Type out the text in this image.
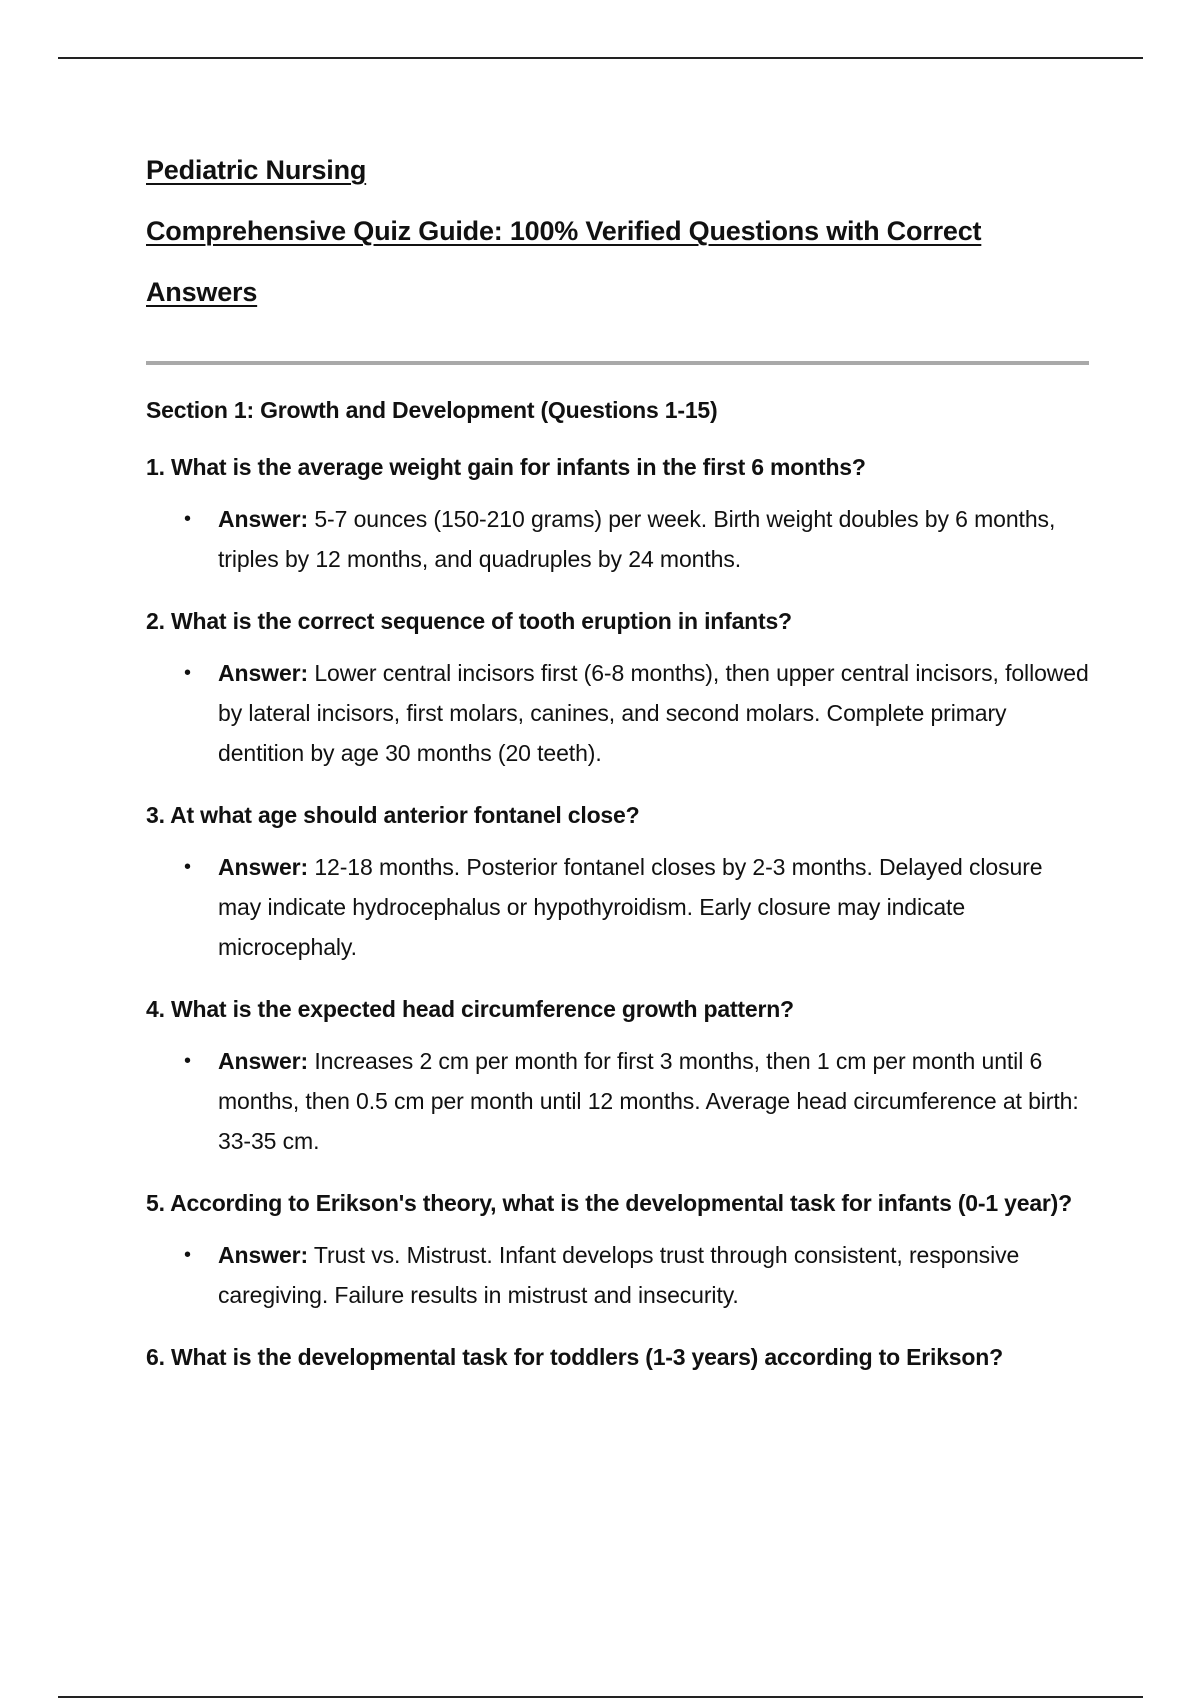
Pediatric Nursing

Comprehensive Quiz Guide: 100% Verified Questions with Correct

Answers

Section 1: Growth and Development (Questions 1-15)

1. What is the average weight gain for infants in the first 6 months?

• Answer: 5-7 ounces (150-210 grams) per week. Birth weight doubles by 6 months, triples by 12 months, and quadruples by 24 months.

2. What is the correct sequence of tooth eruption in infants?

• Answer: Lower central incisors first (6-8 months), then upper central incisors, followed by lateral incisors, first molars, canines, and second molars. Complete primary dentition by age 30 months (20 teeth).

3. At what age should anterior fontanel close?

• Answer: 12-18 months. Posterior fontanel closes by 2-3 months. Delayed closure may indicate hydrocephalus or hypothyroidism. Early closure may indicate microcephaly.

4. What is the expected head circumference growth pattern?

• Answer: Increases 2 cm per month for first 3 months, then 1 cm per month until 6 months, then 0.5 cm per month until 12 months. Average head circumference at birth: 33-35 cm.

5. According to Erikson's theory, what is the developmental task for infants (0-1 year)?

• Answer: Trust vs. Mistrust. Infant develops trust through consistent, responsive caregiving. Failure results in mistrust and insecurity.

6. What is the developmental task for toddlers (1-3 years) according to Erikson?
